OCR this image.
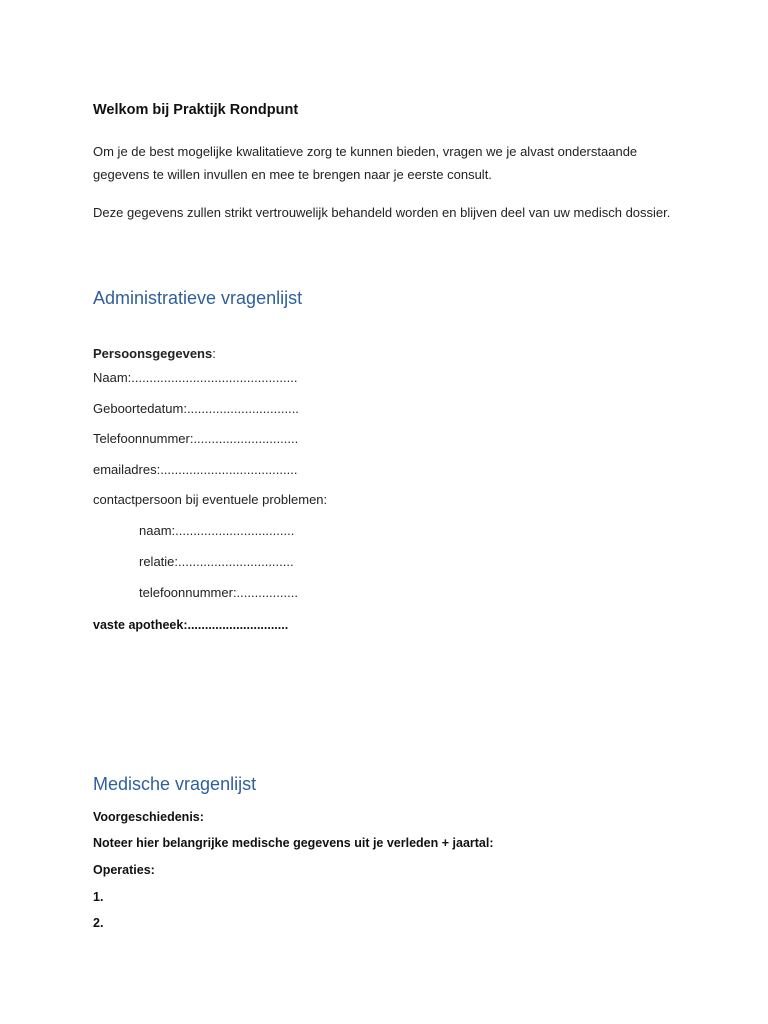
Welkom bij Praktijk Rondpunt
Om je de best mogelijke kwalitatieve zorg te kunnen bieden, vragen we je alvast onderstaande gegevens te willen invullen en mee te brengen naar je eerste consult.
Deze gegevens zullen strikt vertrouwelijk behandeld worden en blijven deel van uw medisch dossier.
Administratieve vragenlijst
Persoonsgegevens:
Naam:..............................................
Geboortedatum:...............................
Telefoonnummer:.............................
emailadres:......................................
contactpersoon bij eventuele problemen:
naam:.................................
relatie:................................
telefoonnummer:.................
vaste apotheek:.............................
Medische vragenlijst
Voorgeschiedenis:
Noteer hier belangrijke medische gegevens uit je verleden + jaartal:
Operaties:
1.
2.
